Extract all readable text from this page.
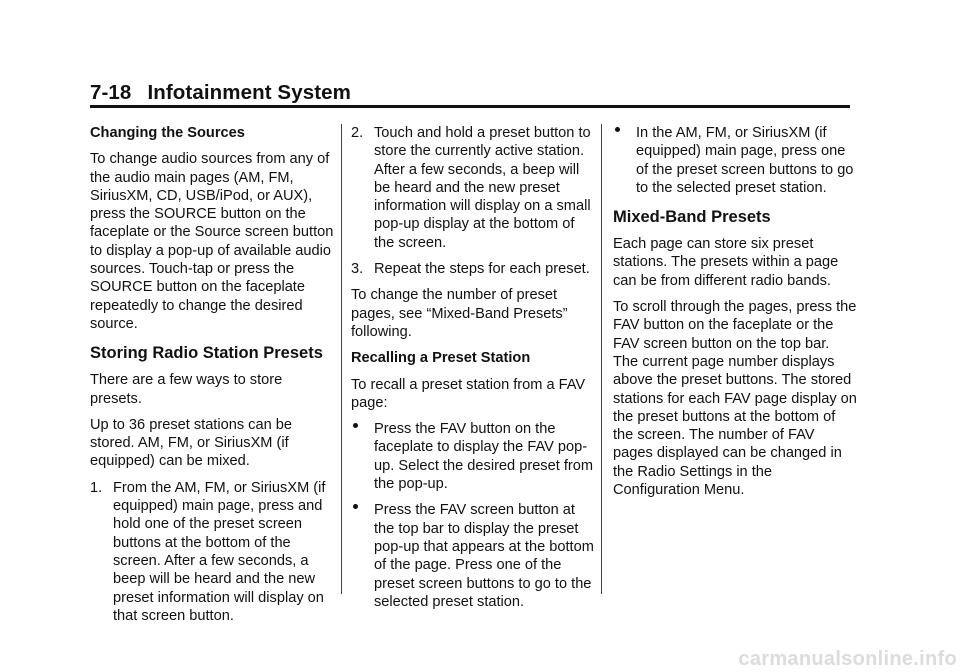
7-18 Infotainment System

Changing the Sources

To change audio sources from any of the audio main pages (AM, FM, SiriusXM, CD, USB/iPod, or AUX), press the SOURCE button on the faceplate or the Source screen button to display a pop-up of available audio sources. Touch-tap or press the SOURCE button on the faceplate repeatedly to change the desired source.

Storing Radio Station Presets

There are a few ways to store presets.

Up to 36 preset stations can be stored. AM, FM, or SiriusXM (if equipped) can be mixed.

1. From the AM, FM, or SiriusXM (if equipped) main page, press and hold one of the preset screen buttons at the bottom of the screen. After a few seconds, a beep will be heard and the new preset information will display on that screen button.
2. Touch and hold a preset button to store the currently active station. After a few seconds, a beep will be heard and the new preset information will display on a small pop-up display at the bottom of the screen.
3. Repeat the steps for each preset.

To change the number of preset pages, see “Mixed-Band Presets” following.

Recalling a Preset Station

To recall a preset station from a FAV page:

Press the FAV button on the faceplate to display the FAV pop-up. Select the desired preset from the pop-up.
Press the FAV screen button at the top bar to display the preset pop-up that appears at the bottom of the page. Press one of the preset screen buttons to go to the selected preset station.
In the AM, FM, or SiriusXM (if equipped) main page, press one of the preset screen buttons to go to the selected preset station.
Mixed-Band Presets

Each page can store six preset stations. The presets within a page can be from different radio bands.

To scroll through the pages, press the FAV button on the faceplate or the FAV screen button on the top bar. The current page number displays above the preset buttons. The stored stations for each FAV page display on the preset buttons at the bottom of the screen. The number of FAV pages displayed can be changed in the Radio Settings in the Configuration Menu.

carmanualsonline.info
